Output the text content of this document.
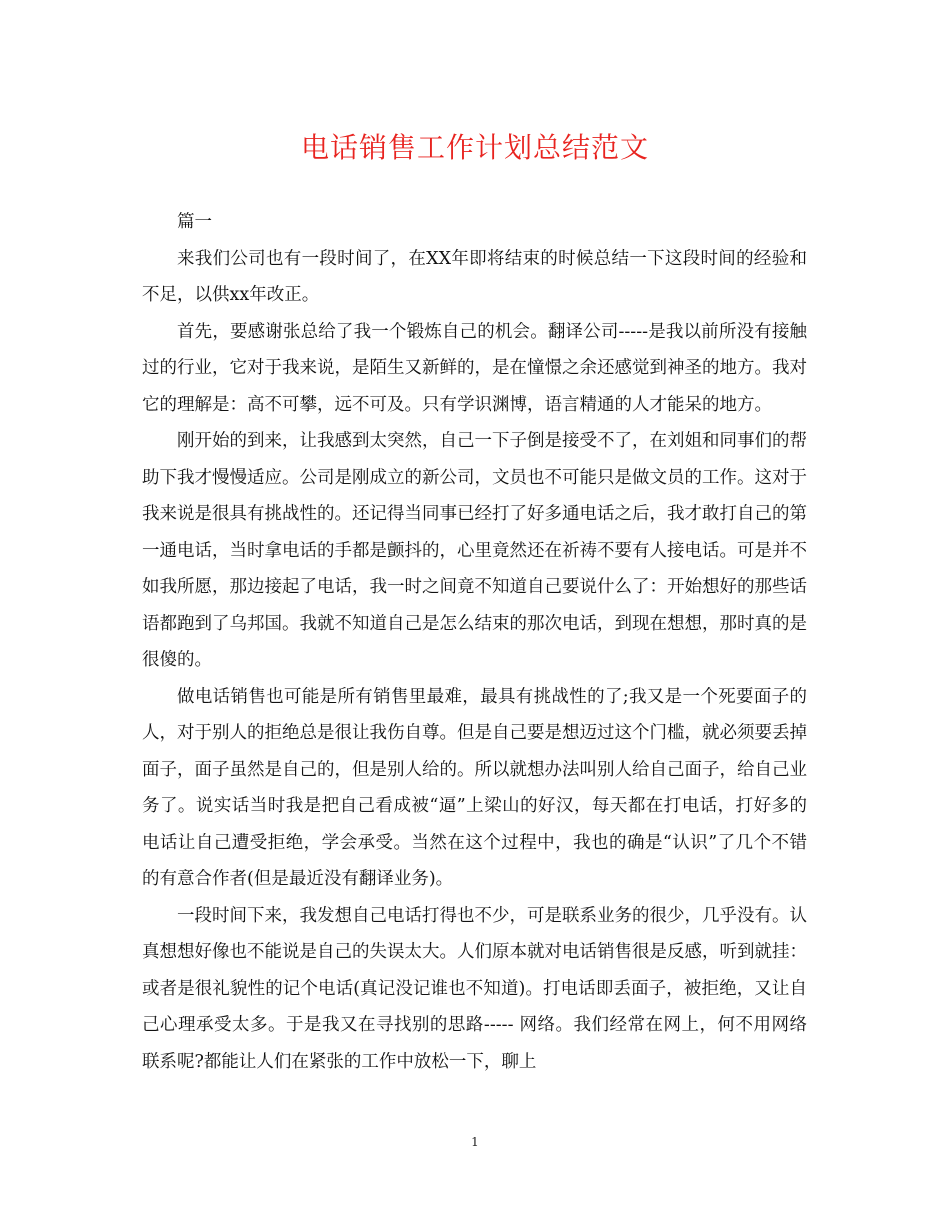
电话销售工作计划总结范文

篇一

来我们公司也有一段时间了，在XX年即将结束的时候总结一下这段时间的经验和不足，以供xx年改正。

首先，要感谢张总给了我一个锻炼自己的机会。翻译公司-----是我以前所没有接触过的行业，它对于我来说，是陌生又新鲜的，是在憧憬之余还感觉到神圣的地方。我对它的理解是：高不可攀，远不可及。只有学识渊博，语言精通的人才能呆的地方。

刚开始的到来，让我感到太突然，自己一下子倒是接受不了，在刘姐和同事们的帮助下我才慢慢适应。公司是刚成立的新公司，文员也不可能只是做文员的工作。这对于我来说是很具有挑战性的。还记得当同事已经打了好多通电话之后，我才敢打自己的第一通电话，当时拿电话的手都是颤抖的，心里竟然还在祈祷不要有人接电话。可是并不如我所愿，那边接起了电话，我一时之间竟不知道自己要说什么了：开始想好的那些话语都跑到了乌邦国。我就不知道自己是怎么结束的那次电话，到现在想想，那时真的是很傻的。

做电话销售也可能是所有销售里最难，最具有挑战性的了;我又是一个死要面子的人，对于别人的拒绝总是很让我伤自尊。但是自己要是想迈过这个门槛，就必须要丢掉面子，面子虽然是自己的，但是别人给的。所以就想办法叫别人给自己面子，给自己业务了。说实话当时我是把自己看成被“逼”上梁山的好汉，每天都在打电话，打好多的电话让自己遭受拒绝，学会承受。当然在这个过程中，我也的确是“认识”了几个不错的有意合作者(但是最近没有翻译业务)。

一段时间下来，我发想自己电话打得也不少，可是联系业务的很少，几乎没有。认真想想好像也不能说是自己的失误太大。人们原本就对电话销售很是反感，听到就挂：或者是很礼貌性的记个电话(真记没记谁也不知道)。打电话即丢面子，被拒绝，又让自己心理承受太多。于是我又在寻找别的思路----- 网络。我们经常在网上，何不用网络联系呢?都能让人们在紧张的工作中放松一下，聊上

1
